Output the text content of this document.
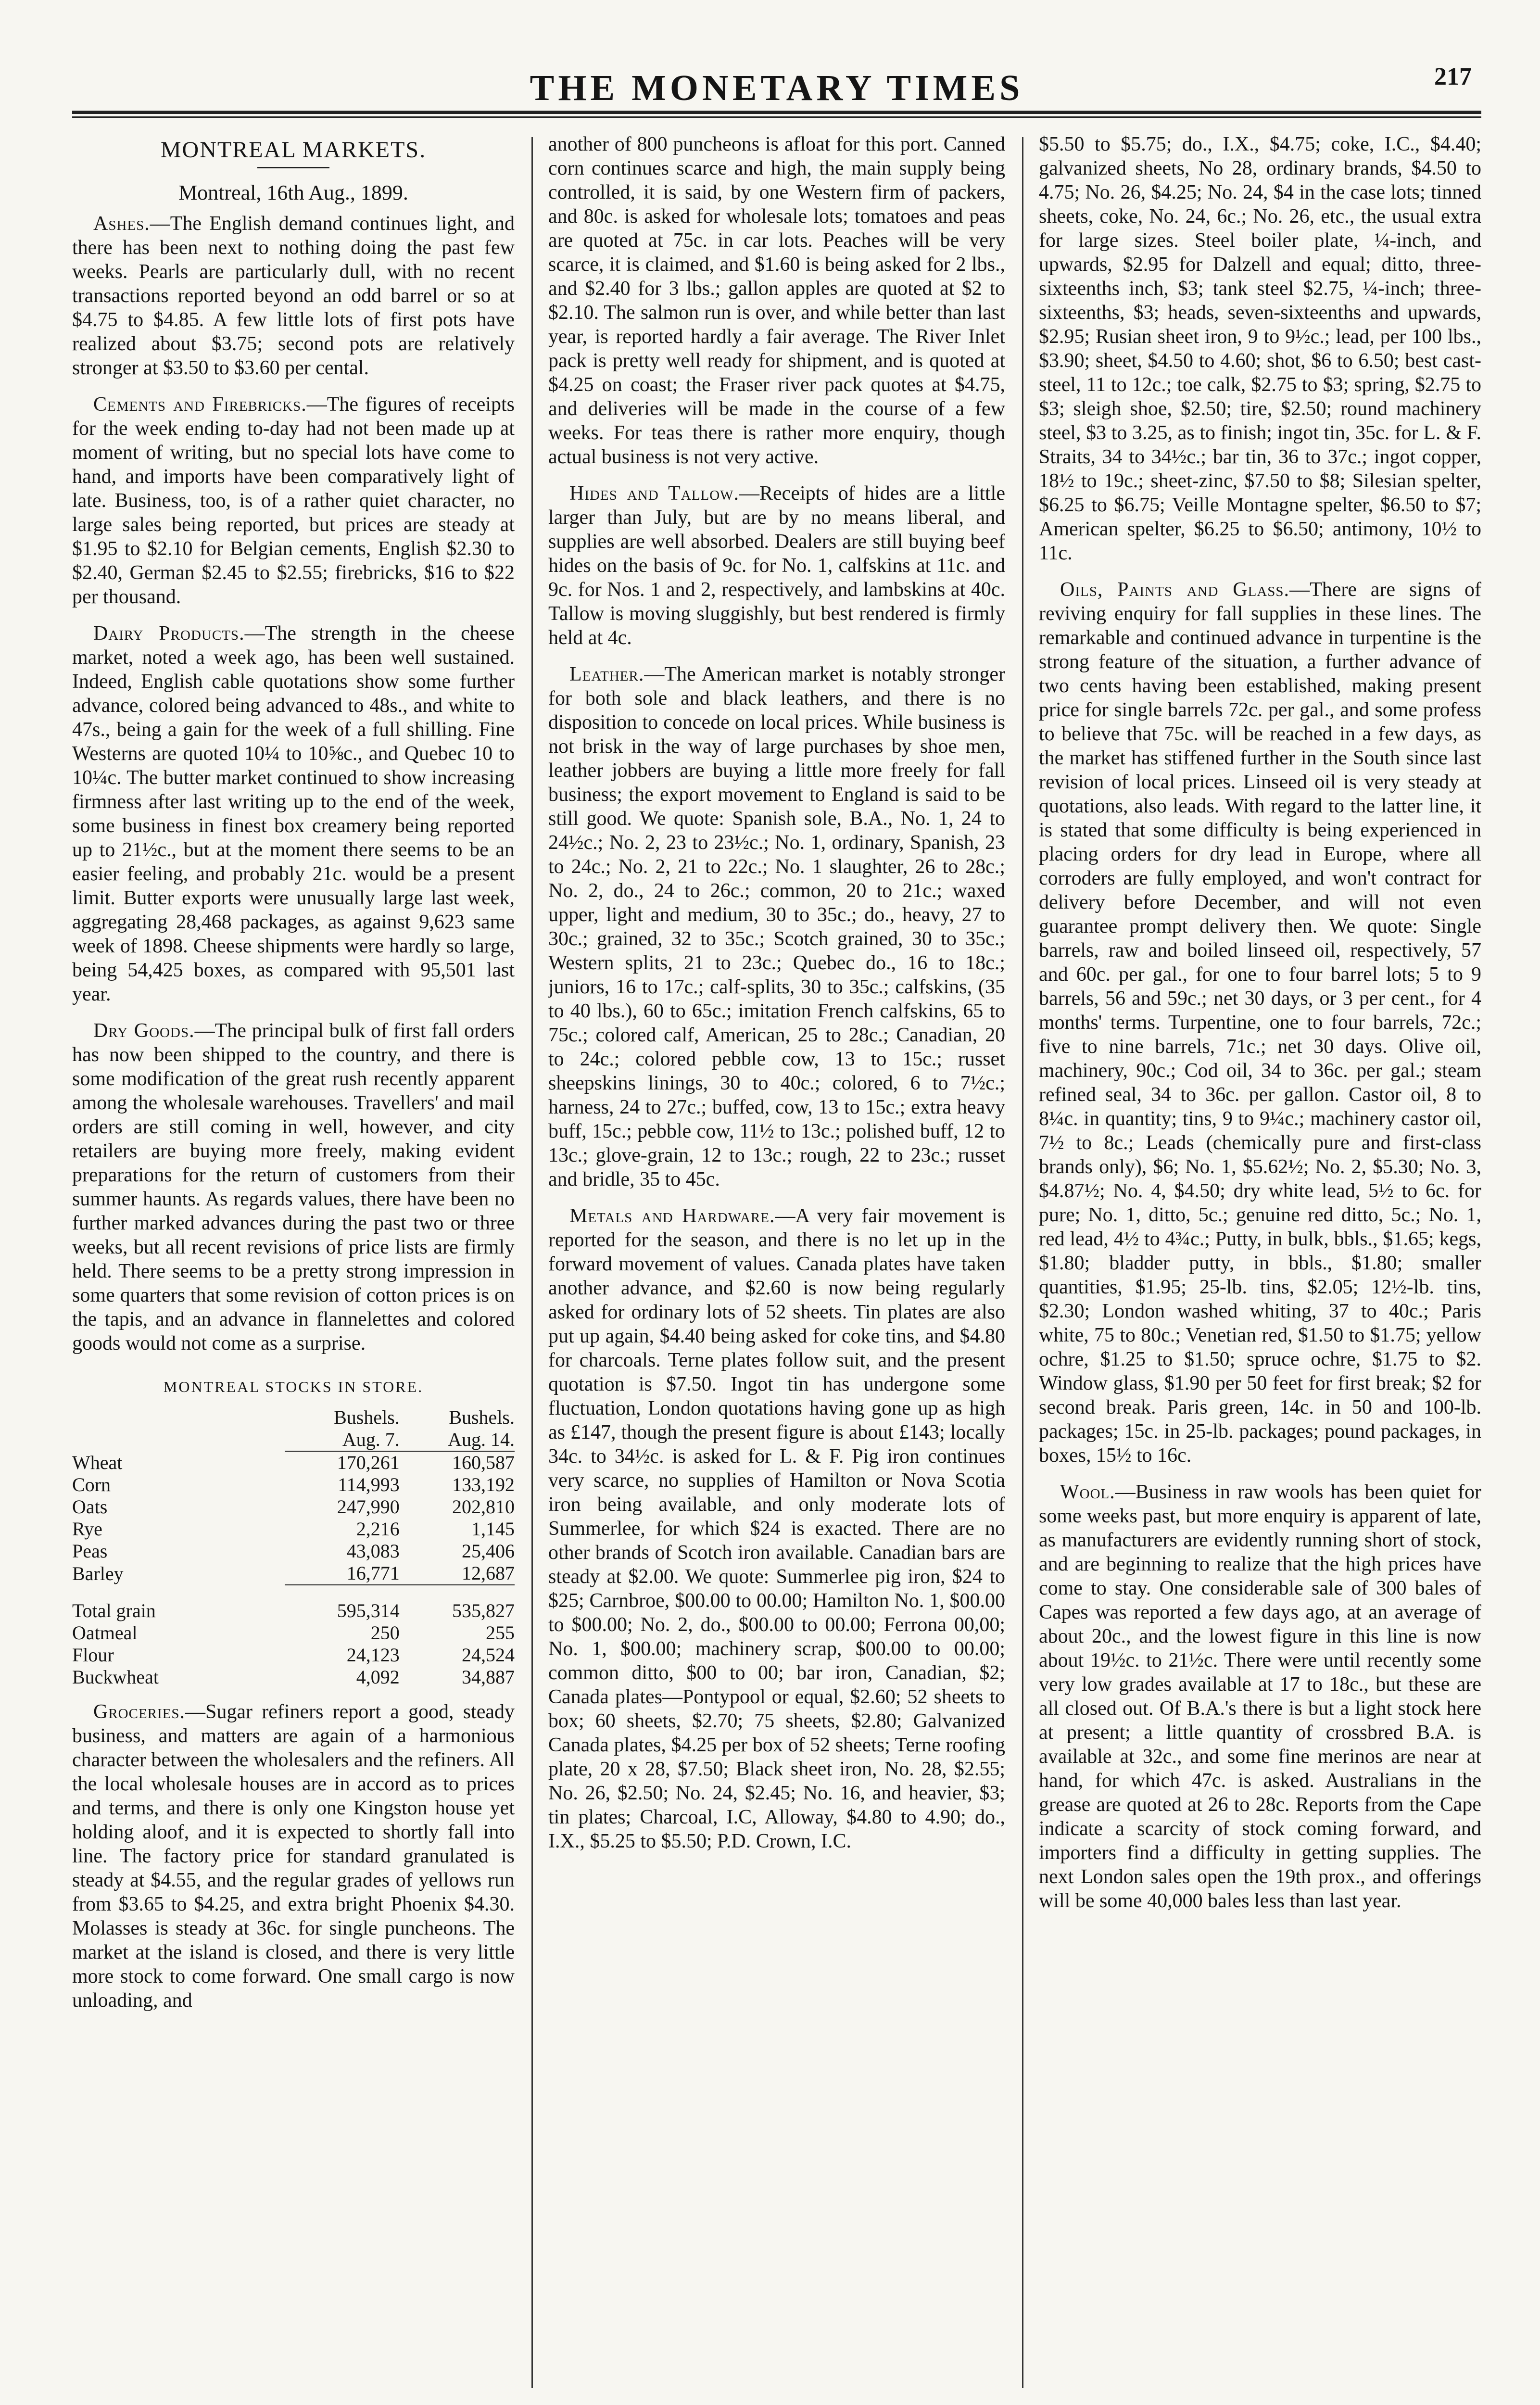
THE MONETARY TIMES	217
MONTREAL MARKETS.
Montreal, 16th Aug., 1899.

Ashes.—The English demand continues light, and there has been next to nothing doing the past few weeks. Pearls are particularly dull, with no recent transactions reported beyond an odd barrel or so at $4.75 to $4.85. A few little lots of first pots have realized about $3.75; second pots are relatively stronger at $3.50 to $3.60 per cental.

Cements and Firebricks.—The figures of receipts for the week ending to-day had not been made up at moment of writing, but no special lots have come to hand, and imports have been comparatively light of late. Business, too, is of a rather quiet character, no large sales being reported, but prices are steady at $1.95 to $2.10 for Belgian cements, English $2.30 to $2.40, German $2.45 to $2.55; firebricks, $16 to $22 per thousand.

Dairy Products.—The strength in the cheese market, noted a week ago, has been well sustained. Indeed, English cable quotations show some further advance, colored being advanced to 48s., and white to 47s., being a gain for the week of a full shilling. Fine Westerns are quoted 10¼ to 10⅝c., and Quebec 10 to 10¼c. The butter market continued to show increasing firmness after last writing up to the end of the week, some business in finest box creamery being reported up to 21½c., but at the moment there seems to be an easier feeling, and probably 21c. would be a present limit. Butter exports were unusually large last week, aggregating 28,468 packages, as against 9,623 same week of 1898. Cheese shipments were hardly so large, being 54,425 boxes, as compared with 95,501 last year.

Dry Goods.—The principal bulk of first fall orders has now been shipped to the country, and there is some modification of the great rush recently apparent among the wholesale warehouses. Travellers' and mail orders are still coming in well, however, and city retailers are buying more freely, making evident preparations for the return of customers from their summer haunts. As regards values, there have been no further marked advances during the past two or three weeks, but all recent revisions of price lists are firmly held. There seems to be a pretty strong impression in some quarters that some revision of cotton prices is on the tapis, and an advance in flannelettes and colored goods would not come as a surprise.

MONTREAL STOCKS IN STORE.
	Bushels.	Bushels.
	Aug. 7.	Aug. 14.
Wheat	170,261	160,587
Corn	114,993	133,192
Oats	247,990	202,810
Rye	2,216	1,145
Peas	43,083	25,406
Barley	16,771	12,687
Total grain	595,314	535,827
Oatmeal	250	255
Flour	24,123	24,524
Buckwheat	4,092	34,887

Groceries.—Sugar refiners report a good, steady business, and matters are again of a harmonious character between the wholesalers and the refiners. All the local wholesale houses are in accord as to prices and terms, and there is only one Kingston house yet holding aloof, and it is expected to shortly fall into line. The factory price for standard granulated is steady at $4.55, and the regular grades of yellows run from $3.65 to $4.25, and extra bright Phoenix $4.30. Molasses is steady at 36c. for single puncheons. The market at the island is closed, and there is very little more stock to come forward. One small cargo is now unloading, and

another of 800 puncheons is afloat for this port. Canned corn continues scarce and high, the main supply being controlled, it is said, by one Western firm of packers, and 80c. is asked for wholesale lots; tomatoes and peas are quoted at 75c. in car lots. Peaches will be very scarce, it is claimed, and $1.60 is being asked for 2 lbs., and $2.40 for 3 lbs.; gallon apples are quoted at $2 to $2.10. The salmon run is over, and while better than last year, is reported hardly a fair average. The River Inlet pack is pretty well ready for shipment, and is quoted at $4.25 on coast; the Fraser river pack quotes at $4.75, and deliveries will be made in the course of a few weeks. For teas there is rather more enquiry, though actual business is not very active.

Hides and Tallow.—Receipts of hides are a little larger than July, but are by no means liberal, and supplies are well absorbed. Dealers are still buying beef hides on the basis of 9c. for No. 1, calfskins at 11c. and 9c. for Nos. 1 and 2, respectively, and lambskins at 40c. Tallow is moving sluggishly, but best rendered is firmly held at 4c.

Leather.—The American market is notably stronger for both sole and black leathers, and there is no disposition to concede on local prices. While business is not brisk in the way of large purchases by shoe men, leather jobbers are buying a little more freely for fall business; the export movement to England is said to be still good. We quote: Spanish sole, B.A., No. 1, 24 to 24½c.; No. 2, 23 to 23½c.; No. 1, ordinary, Spanish, 23 to 24c.; No. 2, 21 to 22c.; No. 1 slaughter, 26 to 28c.; No. 2, do., 24 to 26c.; common, 20 to 21c.; waxed upper, light and medium, 30 to 35c.; do., heavy, 27 to 30c.; grained, 32 to 35c.; Scotch grained, 30 to 35c.; Western splits, 21 to 23c.; Quebec do., 16 to 18c.; juniors, 16 to 17c.; calf-splits, 30 to 35c.; calfskins, (35 to 40 lbs.), 60 to 65c.; imitation French calfskins, 65 to 75c.; colored calf, American, 25 to 28c.; Canadian, 20 to 24c.; colored pebble cow, 13 to 15c.; russet sheepskins linings, 30 to 40c.; colored, 6 to 7½c.; harness, 24 to 27c.; buffed, cow, 13 to 15c.; extra heavy buff, 15c.; pebble cow, 11½ to 13c.; polished buff, 12 to 13c.; glove-grain, 12 to 13c.; rough, 22 to 23c.; russet and bridle, 35 to 45c.

Metals and Hardware.—A very fair movement is reported for the season, and there is no let up in the forward movement of values. Canada plates have taken another advance, and $2.60 is now being regularly asked for ordinary lots of 52 sheets. Tin plates are also put up again, $4.40 being asked for coke tins, and $4.80 for charcoals. Terne plates follow suit, and the present quotation is $7.50. Ingot tin has undergone some fluctuation, London quotations having gone up as high as £147, though the present figure is about £143; locally 34c. to 34½c. is asked for L. & F. Pig iron continues very scarce, no supplies of Hamilton or Nova Scotia iron being available, and only moderate lots of Summerlee, for which $24 is exacted. There are no other brands of Scotch iron available. Canadian bars are steady at $2.00. We quote: Summerlee pig iron, $24 to $25; Carnbroe, $00.00 to 00.00; Hamilton No. 1, $00.00 to $00.00; No. 2, do., $00.00 to 00.00; Ferrona 00,00; No. 1, $00.00; machinery scrap, $00.00 to 00.00; common ditto, $00 to 00; bar iron, Canadian, $2; Canada plates—Pontypool or equal, $2.60; 52 sheets to box; 60 sheets, $2.70; 75 sheets, $2.80; Galvanized Canada plates, $4.25 per box of 52 sheets; Terne roofing plate, 20 x 28, $7.50; Black sheet iron, No. 28, $2.55; No. 26, $2.50; No. 24, $2.45; No. 16, and heavier, $3; tin plates; Charcoal, I.C, Alloway, $4.80 to 4.90; do., I.X., $5.25 to $5.50; P.D. Crown, I.C.

$5.50 to $5.75; do., I.X., $4.75; coke, I.C., $4.40; galvanized sheets, No 28, ordinary brands, $4.50 to 4.75; No. 26, $4.25; No. 24, $4 in the case lots; tinned sheets, coke, No. 24, 6c.; No. 26, etc., the usual extra for large sizes. Steel boiler plate, ¼-inch, and upwards, $2.95 for Dalzell and equal; ditto, three-sixteenths inch, $3; tank steel $2.75, ¼-inch; three-sixteenths, $3; heads, seven-sixteenths and upwards, $2.95; Rusian sheet iron, 9 to 9½c.; lead, per 100 lbs., $3.90; sheet, $4.50 to 4.60; shot, $6 to 6.50; best cast-steel, 11 to 12c.; toe calk, $2.75 to $3; spring, $2.75 to $3; sleigh shoe, $2.50; tire, $2.50; round machinery steel, $3 to 3.25, as to finish; ingot tin, 35c. for L. & F. Straits, 34 to 34½c.; bar tin, 36 to 37c.; ingot copper, 18½ to 19c.; sheet-zinc, $7.50 to $8; Silesian spelter, $6.25 to $6.75; Veille Montagne spelter, $6.50 to $7; American spelter, $6.25 to $6.50; antimony, 10½ to 11c.

Oils, Paints and Glass.—There are signs of reviving enquiry for fall supplies in these lines. The remarkable and continued advance in turpentine is the strong feature of the situation, a further advance of two cents having been established, making present price for single barrels 72c. per gal., and some profess to believe that 75c. will be reached in a few days, as the market has stiffened further in the South since last revision of local prices. Linseed oil is very steady at quotations, also leads. With regard to the latter line, it is stated that some difficulty is being experienced in placing orders for dry lead in Europe, where all corroders are fully employed, and won't contract for delivery before December, and will not even guarantee prompt delivery then. We quote: Single barrels, raw and boiled linseed oil, respectively, 57 and 60c. per gal., for one to four barrel lots; 5 to 9 barrels, 56 and 59c.; net 30 days, or 3 per cent., for 4 months' terms. Turpentine, one to four barrels, 72c.; five to nine barrels, 71c.; net 30 days. Olive oil, machinery, 90c.; Cod oil, 34 to 36c. per gal.; steam refined seal, 34 to 36c. per gallon. Castor oil, 8 to 8¼c. in quantity; tins, 9 to 9¼c.; machinery castor oil, 7½ to 8c.; Leads (chemically pure and first-class brands only), $6; No. 1, $5.62½; No. 2, $5.30; No. 3, $4.87½; No. 4, $4.50; dry white lead, 5½ to 6c. for pure; No. 1, ditto, 5c.; genuine red ditto, 5c.; No. 1, red lead, 4½ to 4¾c.; Putty, in bulk, bbls., $1.65; kegs, $1.80; bladder putty, in bbls., $1.80; smaller quantities, $1.95; 25-lb. tins, $2.05; 12½-lb. tins, $2.30; London washed whiting, 37 to 40c.; Paris white, 75 to 80c.; Venetian red, $1.50 to $1.75; yellow ochre, $1.25 to $1.50; spruce ochre, $1.75 to $2. Window glass, $1.90 per 50 feet for first break; $2 for second break. Paris green, 14c. in 50 and 100-lb. packages; 15c. in 25-lb. packages; pound packages, in boxes, 15½ to 16c.

Wool.—Business in raw wools has been quiet for some weeks past, but more enquiry is apparent of late, as manufacturers are evidently running short of stock, and are beginning to realize that the high prices have come to stay. One considerable sale of 300 bales of Capes was reported a few days ago, at an average of about 20c., and the lowest figure in this line is now about 19½c. to 21½c. There were until recently some very low grades available at 17 to 18c., but these are all closed out. Of B.A.'s there is but a light stock here at present; a little quantity of crossbred B.A. is available at 32c., and some fine merinos are near at hand, for which 47c. is asked. Australians in the grease are quoted at 26 to 28c. Reports from the Cape indicate a scarcity of stock coming forward, and importers find a difficulty in getting supplies. The next London sales open the 19th prox., and offerings will be some 40,000 bales less than last year.
